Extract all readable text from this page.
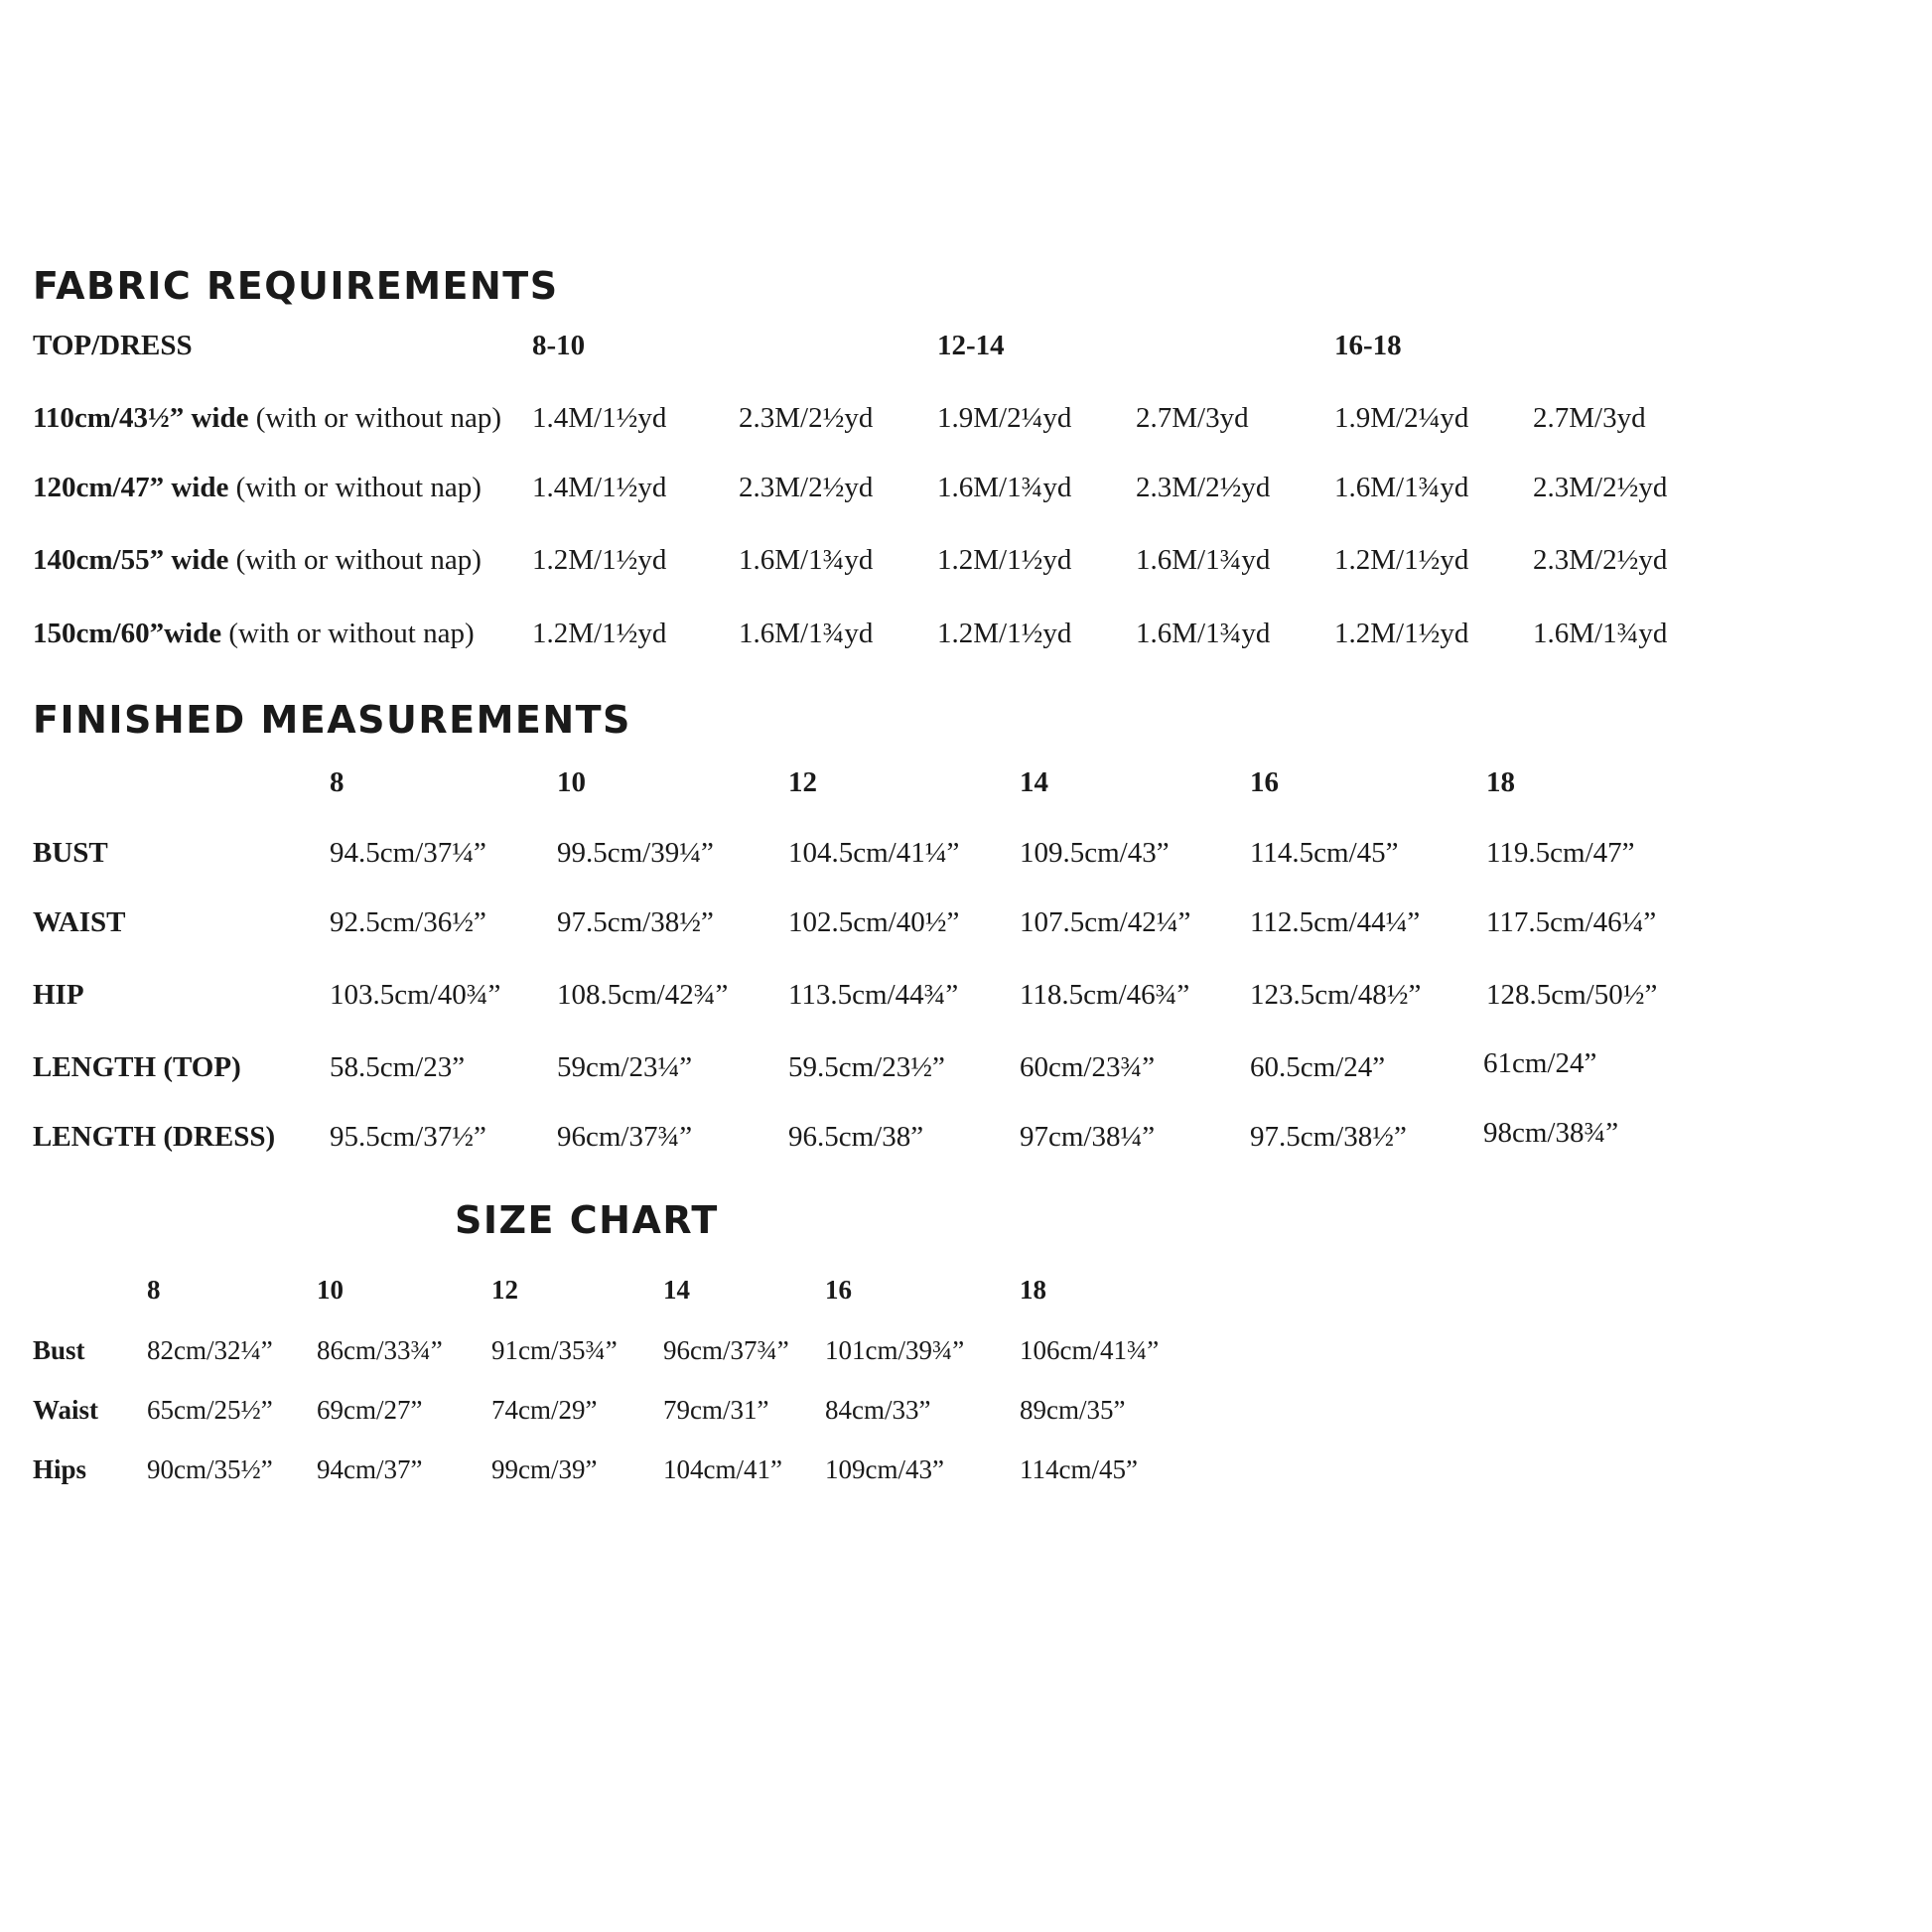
FABRIC REQUIREMENTS
TOP/DRESS	8-10	12-14	16-18
110cm/43½” wide (with or without nap) 1.4M/1½yd	2.3M/2½yd 1.9M/2¼yd 2.7M/3yd	1.9M/2¼yd 2.7M/3yd
120cm/47” wide (with or without nap) 1.4M/1½yd	2.3M/2½yd 1.6M/1¾yd 2.3M/2½yd 1.6M/1¾yd 2.3M/2½yd
140cm/55” wide (with or without nap) 1.2M/1½yd	1.6M/1¾yd 1.2M/1½yd 1.6M/1¾yd 1.2M/1½yd 2.3M/2½yd
150cm/60”wide (with or without nap) 1.2M/1½yd	1.6M/1¾yd 1.2M/1½yd 1.6M/1¾yd 1.2M/1½yd 1.6M/1¾yd
FINISHED MEASUREMENTS
8	10	12	14	16	18
BUST	94.5cm/37¼” 99.5cm/39¼”	104.5cm/41¼” 109.5cm/43”	114.5cm/45”	119.5cm/47”
WAIST	92.5cm/36½” 97.5cm/38½”	102.5cm/40½” 107.5cm/42¼” 112.5cm/44¼” 117.5cm/46¼”
HIP	103.5cm/40¾” 108.5cm/42¾” 113.5cm/44¾” 118.5cm/46¾” 123.5cm/48½” 128.5cm/50½”
LENGTH (TOP)	58.5cm/23”	59cm/23¼”	59.5cm/23½”	60cm/23¾”	60.5cm/24”	61cm/24”
LENGTH (DRESS) 95.5cm/37½” 96cm/37¾”	96.5cm/38”	97cm/38¼”	97.5cm/38½”	98cm/38¾”
SIZE CHART
8	10	12	14	16	18
Bust 82cm/32¼” 86cm/33¾” 91cm/35¾” 96cm/37¾” 101cm/39¾” 106cm/41¾”
Waist 65cm/25½” 69cm/27”	74cm/29” 79cm/31” 84cm/33”	89cm/35”
Hips 90cm/35½” 94cm/37”	99cm/39” 104cm/41” 109cm/43”	114cm/45”
